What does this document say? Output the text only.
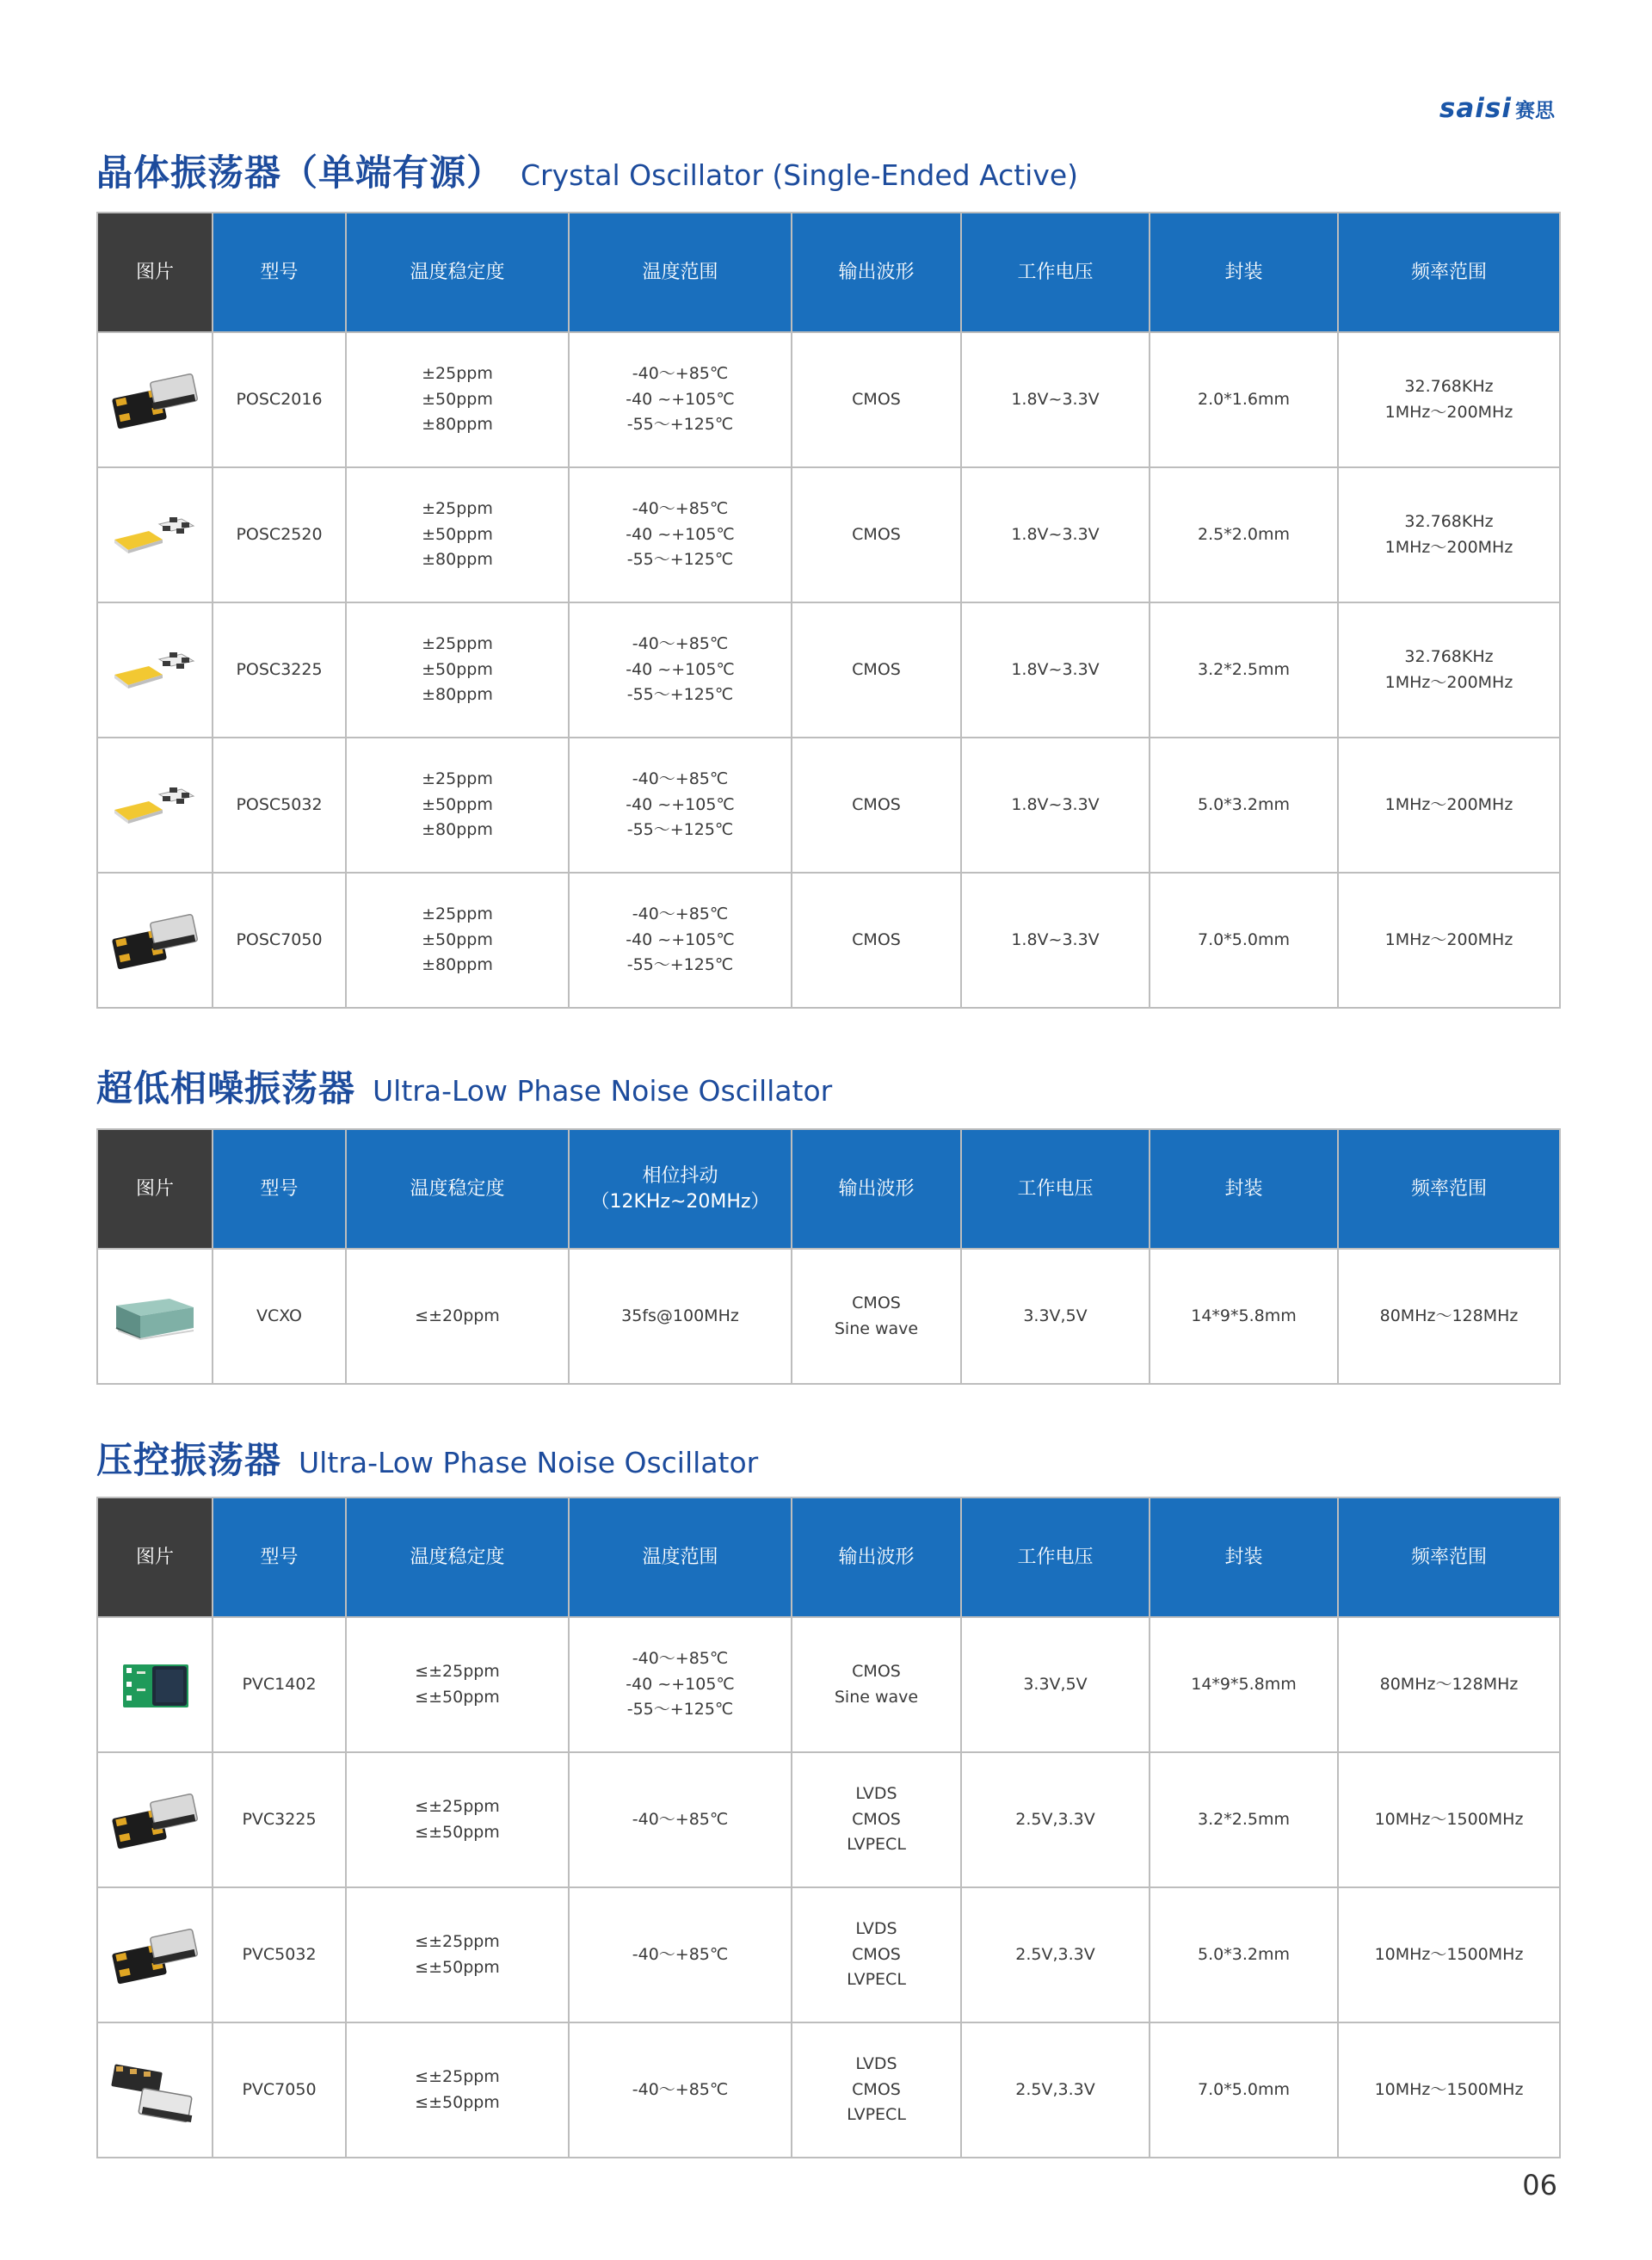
saisi 赛思
晶体振荡器（单端有源） Crystal Oscillator (Single-Ended Active)
图片	型号	温度稳定度	温度范围	输出波形	工作电压	封装	频率范围

	POSC2016	±25ppm
±50ppm
±80ppm	-40～+85℃
-40 ~+105℃
-55～+125℃	CMOS	1.8V~3.3V	2.0*1.6mm	32.768KHz
1MHz～200MHz

	POSC2520	±25ppm
±50ppm
±80ppm	-40～+85℃
-40 ~+105℃
-55～+125℃	CMOS	1.8V~3.3V	2.5*2.0mm	32.768KHz
1MHz～200MHz

	POSC3225	±25ppm
±50ppm
±80ppm	-40～+85℃
-40 ~+105℃
-55～+125℃	CMOS	1.8V~3.3V	3.2*2.5mm	32.768KHz
1MHz～200MHz

	POSC5032	±25ppm
±50ppm
±80ppm	-40～+85℃
-40 ~+105℃
-55～+125℃	CMOS	1.8V~3.3V	5.0*3.2mm	1MHz～200MHz

	POSC7050	±25ppm
±50ppm
±80ppm	-40～+85℃
-40 ~+105℃
-55～+125℃	CMOS	1.8V~3.3V	7.0*5.0mm	1MHz～200MHz
超低相噪振荡器 Ultra-Low Phase Noise Oscillator
图片	型号	温度稳定度	相位抖动（12KHz~20MHz）	输出波形	工作电压	封装	频率范围

	VCXO	≤±20ppm	35fs@100MHz	CMOS
Sine wave	3.3V,5V	14*9*5.8mm	80MHz～128MHz
压控振荡器 Ultra-Low Phase Noise Oscillator
图片	型号	温度稳定度	温度范围	输出波形	工作电压	封装	频率范围

	PVC1402	≤±25ppm
≤±50ppm	-40～+85℃
-40 ~+105℃
-55～+125℃	CMOS
Sine wave	3.3V,5V	14*9*5.8mm	80MHz～128MHz

	PVC3225	≤±25ppm
≤±50ppm	-40～+85℃	LVDS
CMOS
LVPECL	2.5V,3.3V	3.2*2.5mm	10MHz～1500MHz

	PVC5032	≤±25ppm
≤±50ppm	-40～+85℃	LVDS
CMOS
LVPECL	2.5V,3.3V	5.0*3.2mm	10MHz～1500MHz

	PVC7050	≤±25ppm
≤±50ppm	-40～+85℃	LVDS
CMOS
LVPECL	2.5V,3.3V	7.0*5.0mm	10MHz～1500MHz
06
